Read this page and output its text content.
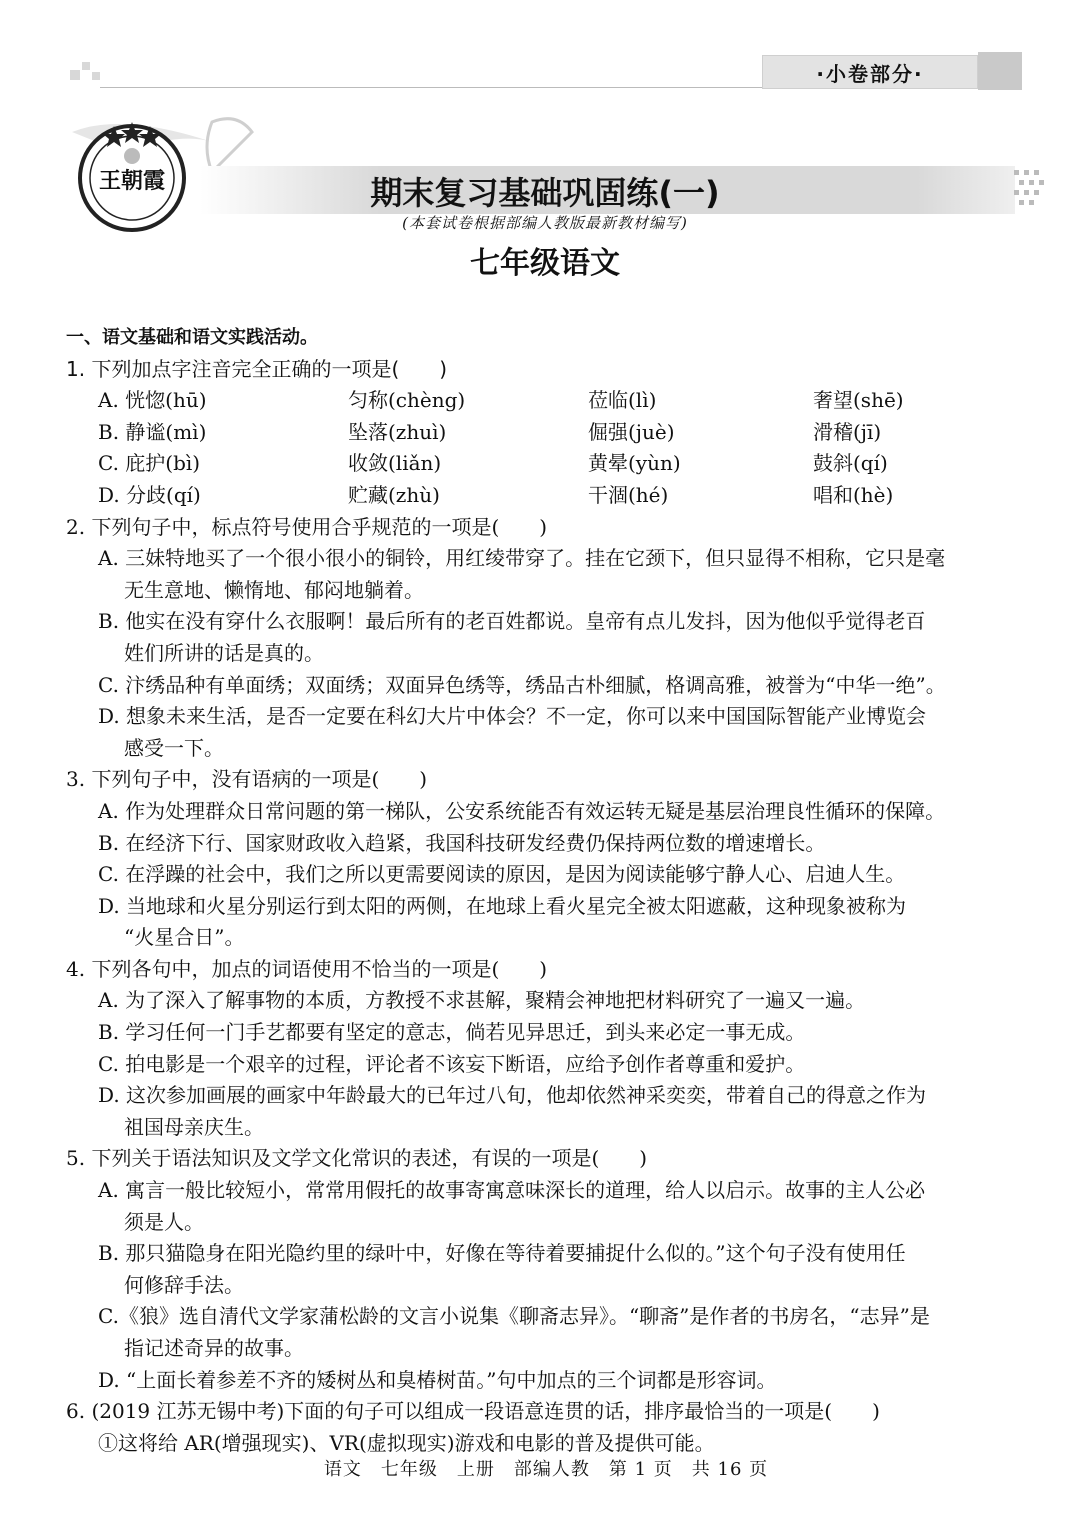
·小卷部分·
王朝霞	期末复习基础巩固练(一)
(本套试卷根据部编人教版最新教材编写)
七年级语文
一、语文基础和语文实践活动。
1. 下列加点字注音完全正确的一项是(　　)
A. 恍惚(hū)	匀称(chèng)	莅临(lì)	奢望(shē)
B. 静谧(mì)	坠落(zhuì)	倔强(juè)	滑稽(jī)
C. 庇护(bì)	收敛(liǎn)	黄晕(yùn)	鼓斜(qí)
D. 分歧(qí)	贮藏(zhù)	干涸(hé)	唱和(hè)
2. 下列句子中，标点符号使用合乎规范的一项是(　　)
A. 三妹特地买了一个很小很小的铜铃，用红绫带穿了。挂在它颈下，但只显得不相称，它只是毫
无生意地、懒惰地、郁闷地躺着。
B. 他实在没有穿什么衣服啊！最后所有的老百姓都说。皇帝有点儿发抖，因为他似乎觉得老百
姓们所讲的话是真的。
C. 汴绣品种有单面绣；双面绣；双面异色绣等，绣品古朴细腻，格调高雅，被誉为“中华一绝”。
D. 想象未来生活，是否一定要在科幻大片中体会？不一定，你可以来中国国际智能产业博览会
感受一下。
3. 下列句子中，没有语病的一项是(　　)
A. 作为处理群众日常问题的第一梯队，公安系统能否有效运转无疑是基层治理良性循环的保障。
B. 在经济下行、国家财政收入趋紧，我国科技研发经费仍保持两位数的增速增长。
C. 在浮躁的社会中，我们之所以更需要阅读的原因，是因为阅读能够宁静人心、启迪人生。
D. 当地球和火星分别运行到太阳的两侧，在地球上看火星完全被太阳遮蔽，这种现象被称为
“火星合日”。
4. 下列各句中，加点的词语使用不恰当的一项是(　　)
A. 为了深入了解事物的本质，方教授不求甚解，聚精会神地把材料研究了一遍又一遍。
B. 学习任何一门手艺都要有坚定的意志，倘若见异思迁，到头来必定一事无成。
C. 拍电影是一个艰辛的过程，评论者不该妄下断语，应给予创作者尊重和爱护。
D. 这次参加画展的画家中年龄最大的已年过八旬，他却依然神采奕奕，带着自己的得意之作为
祖国母亲庆生。
5. 下列关于语法知识及文学文化常识的表述，有误的一项是(　　)
A. 寓言一般比较短小，常常用假托的故事寄寓意味深长的道理，给人以启示。故事的主人公必
须是人。
B. 那只猫隐身在阳光隐约里的绿叶中，好像在等待着要捕捉什么似的。”这个句子没有使用任
何修辞手法。
C.《狼》选自清代文学家蒲松龄的文言小说集《聊斋志异》。“聊斋”是作者的书房名，“志异”是
指记述奇异的故事。
D. “上面长着参差不齐的矮树丛和臭椿树苗。”句中加点的三个词都是形容词。
6. (2019 江苏无锡中考)下面的句子可以组成一段语意连贯的话，排序最恰当的一项是(　　)
①这将给 AR(增强现实)、VR(虚拟现实)游戏和电影的普及提供可能。
语文　七年级　上册　部编人教　第 1 页　共 16 页
